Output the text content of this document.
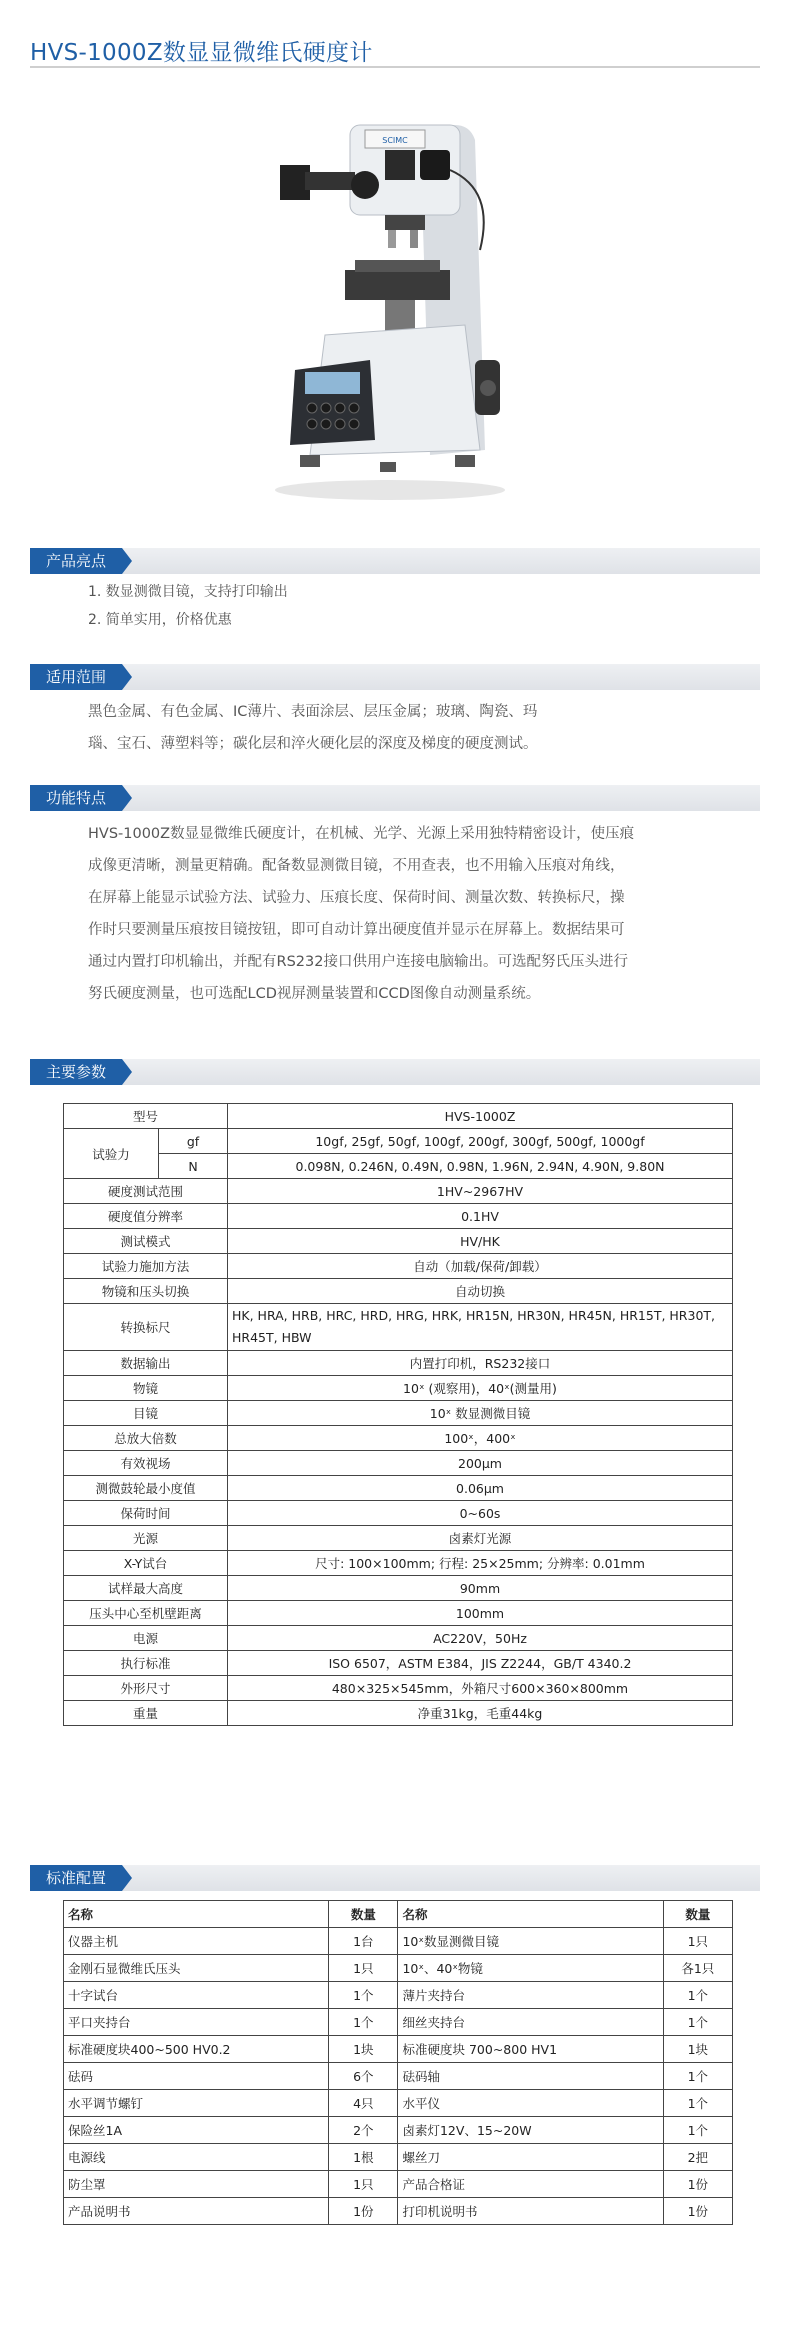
HVS-1000Z数显显微维氏硬度计
SCIMC
产品亮点
1. 数显测微目镜，支持打印输出
2. 简单实用，价格优惠
适用范围
黑色金属、有色金属、IC薄片、表面涂层、层压金属；玻璃、陶瓷、玛
瑙、宝石、薄塑料等；碳化层和淬火硬化层的深度及梯度的硬度测试。
功能特点
HVS-1000Z数显显微维氏硬度计，在机械、光学、光源上采用独特精密设计，使压痕
成像更清晰，测量更精确。配备数显测微目镜，不用查表，也不用输入压痕对角线，
在屏幕上能显示试验方法、试验力、压痕长度、保荷时间、测量次数、转换标尺，操
作时只要测量压痕按目镜按钮，即可自动计算出硬度值并显示在屏幕上。数据结果可
通过内置打印机输出，并配有RS232接口供用户连接电脑输出。可选配努氏压头进行
努氏硬度测量，也可选配LCD视屏测量装置和CCD图像自动测量系统。
主要参数
型号		HVS-1000Z
试验力	gf	10gf, 25gf, 50gf, 100gf, 200gf, 300gf, 500gf, 1000gf
	N	0.098N, 0.246N, 0.49N, 0.98N, 1.96N, 2.94N, 4.90N, 9.80N
硬度测试范围		1HV~2967HV
硬度值分辨率		0.1HV
测试模式		HV/HK
试验力施加方法		自动（加载/保荷/卸载）
物镜和压头切换		自动切换
转换标尺		HK, HRA, HRB, HRC, HRD, HRG, HRK, HR15N, HR30N, HR45N, HR15T, HR30T, HR45T, HBW
数据输出		内置打印机，RS232接口
物镜		10ˣ (观察用)，40ˣ(测量用)
目镜		10ˣ 数显测微目镜
总放大倍数		100ˣ，400ˣ
有效视场		200μm
测微鼓轮最小度值		0.06μm
保荷时间		0~60s
光源		卤素灯光源
X-Y试台		尺寸: 100×100mm; 行程: 25×25mm; 分辨率: 0.01mm
试样最大高度		90mm
压头中心至机壁距离		100mm
电源		AC220V，50Hz
执行标准		ISO 6507，ASTM E384，JIS Z2244，GB/T 4340.2
外形尺寸		480×325×545mm，外箱尺寸600×360×800mm
重量		净重31kg，毛重44kg
标准配置
名称	数量	名称	数量
仪器主机	1台	10ˣ数显测微目镜	1只
金刚石显微维氏压头	1只	10ˣ、40ˣ物镜	各1只
十字试台	1个	薄片夹持台	1个
平口夹持台	1个	细丝夹持台	1个
标准硬度块400~500 HV0.2	1块	标准硬度块 700~800 HV1	1块
砝码	6个	砝码轴	1个
水平调节螺钉	4只	水平仪	1个
保险丝1A	2个	卤素灯12V、15~20W	1个
电源线	1根	螺丝刀	2把
防尘罩	1只	产品合格证	1份
产品说明书	1份	打印机说明书	1份
